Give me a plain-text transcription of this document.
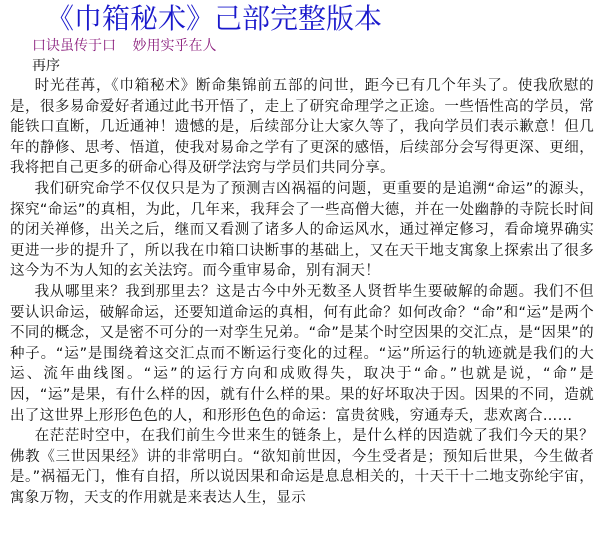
《巾箱秘术》己部完整版本
口诀虽传于口 妙用实乎在人
再序

时光荏苒，《巾箱秘术》断命集锦前五部的问世，距今已有几个年头了。使我欣慰的是，很多易命爱好者通过此书开悟了，走上了研究命理学之正途。一些悟性高的学员，常能铁口直断，几近通神！遗憾的是，后续部分让大家久等了，我向学员们表示歉意！但几年的静修、思考、悟道，使我对易命之学有了更深的感悟，后续部分会写得更深、更细，我将把自己更多的研命心得及研学法窍与学员们共同分享。

我们研究命学不仅仅只是为了预测吉凶祸福的问题，更重要的是追溯“命运”的源头，探究“命运”的真相，为此，几年来，我拜会了一些高僧大德，并在一处幽静的寺院长时间的闭关禅修，出关之后，继而又看测了诸多人的命运风水，通过禅定修习，看命境界确实更进一步的提升了，所以我在巾箱口诀断事的基础上，又在天干地支寓象上探索出了很多这今为不为人知的玄关法窍。而今重审易命，别有洞天！

我从哪里来？我到那里去？这是古今中外无数圣人贤哲毕生要破解的命题。我们不但要认识命运，破解命运，还要知道命运的真相，何有此命？如何改命？“命”和“运”是两个不同的概念，又是密不可分的一对孪生兄弟。“命”是某个时空因果的交汇点，是“因果”的种子。“运”是围绕着这交汇点而不断运行变化的过程。“运”所运行的轨迹就是我们的大运、流年曲线图。“运”的运行方向和成败得失，取决于“命。”也就是说，“命”是因，“运”是果，有什么样的因，就有什么样的果。果的好坏取决于因。因果的不同，造就出了这世界上形形色色的人，和形形色色的命运：富贵贫贱，穷通寿夭，悲欢离合……

在茫茫时空中，在我们前生今世来生的链条上，是什么样的因造就了我们今天的果？佛教《三世因果经》讲的非常明白。“欲知前世因，今生受者是；预知后世果，今生做者是。”祸福无门，惟有自招，所以说因果和命运是息息相关的，十天干十二地支弥纶宇宙，寓象万物，天支的作用就是来表达人生，显示
